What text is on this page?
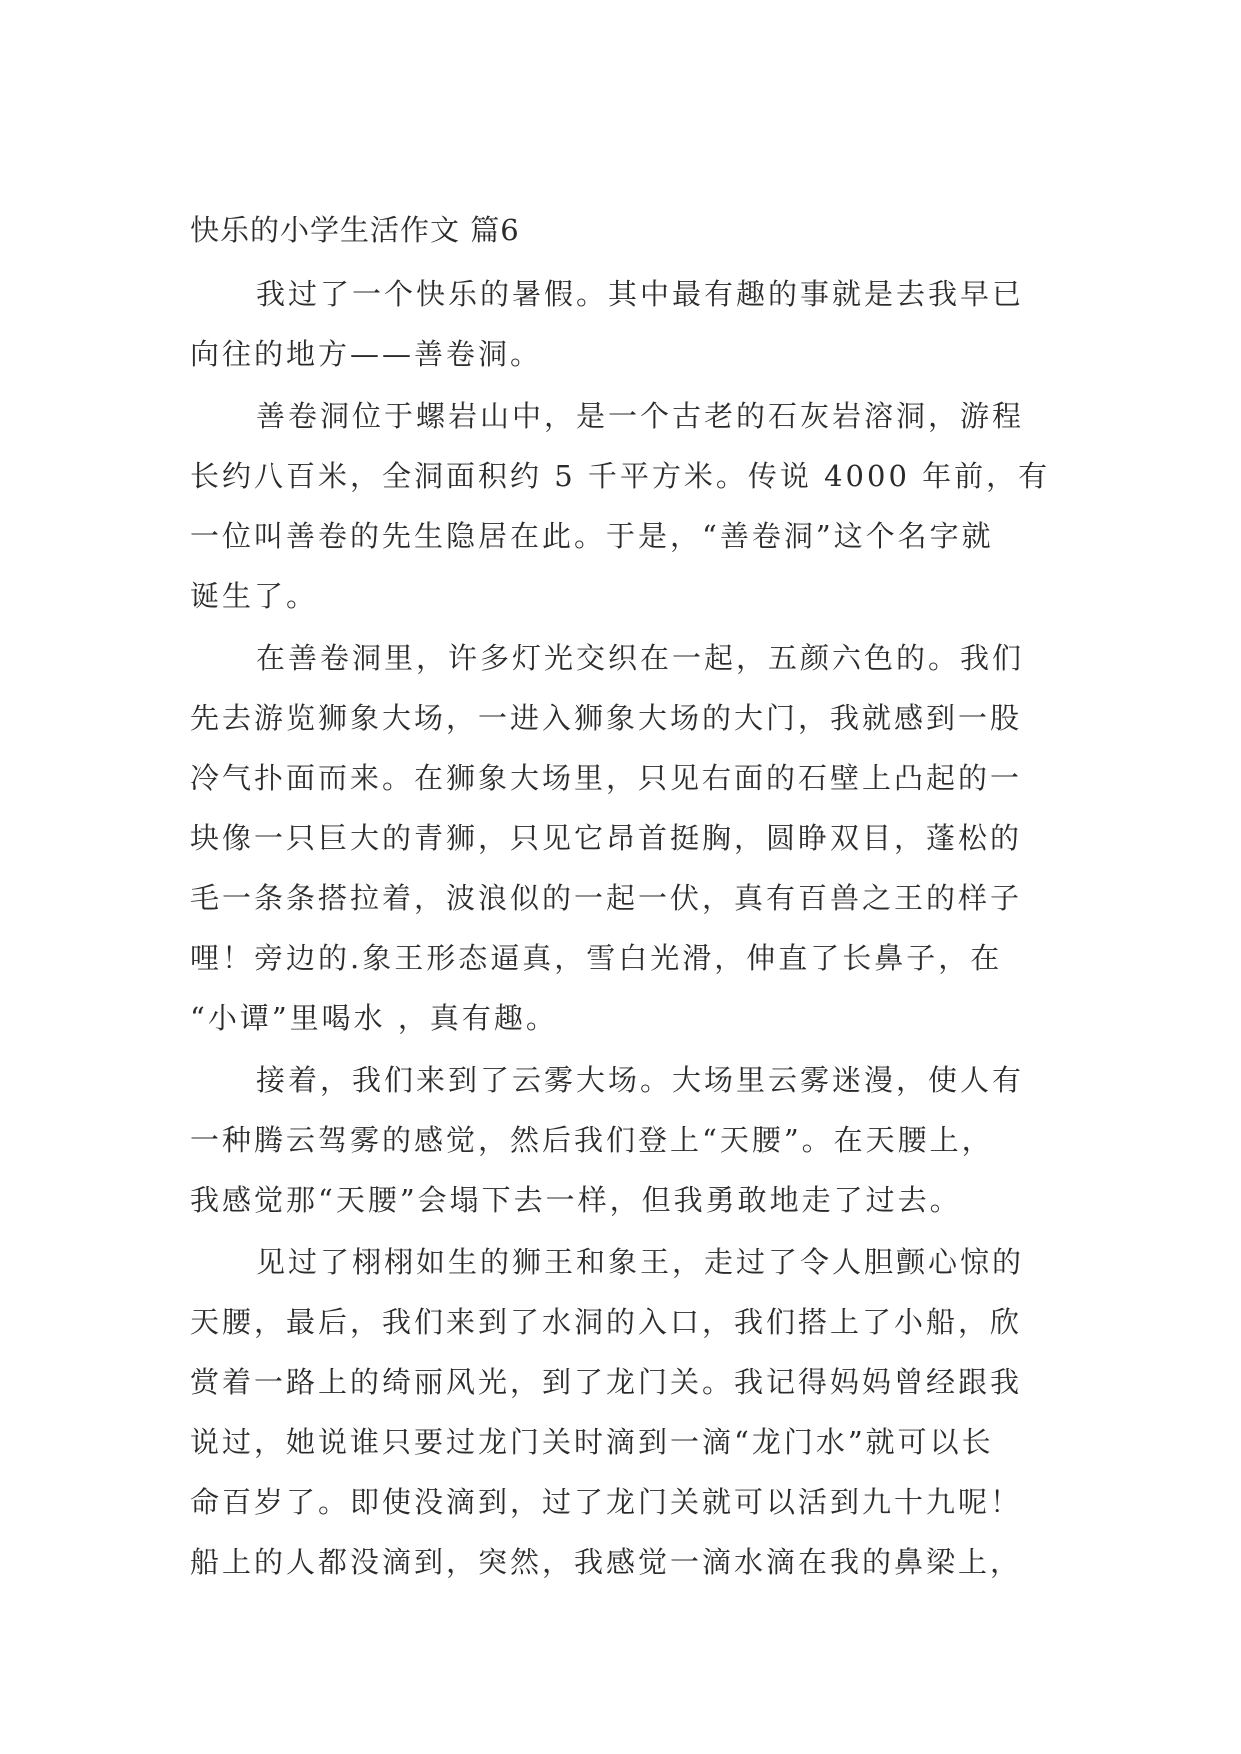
快乐的小学生活作文 篇6
我过了一个快乐的暑假。其中最有趣的事就是去我早已
向往的地方——善卷洞。
善卷洞位于螺岩山中，是一个古老的石灰岩溶洞，游程
长约八百米，全洞面积约 5 千平方米。传说 4000 年前，有
一位叫善卷的先生隐居在此。于是，“善卷洞”这个名字就
诞生了。
在善卷洞里，许多灯光交织在一起，五颜六色的。我们
先去游览狮象大场，一进入狮象大场的大门，我就感到一股
冷气扑面而来。在狮象大场里，只见右面的石壁上凸起的一
块像一只巨大的青狮，只见它昂首挺胸，圆睁双目，蓬松的
毛一条条搭拉着，波浪似的一起一伏，真有百兽之王的样子
哩！旁边的.象王形态逼真，雪白光滑，伸直了长鼻子，在
“小谭”里喝水 ，真有趣。
接着，我们来到了云雾大场。大场里云雾迷漫，使人有
一种腾云驾雾的感觉，然后我们登上“天腰”。在天腰上，
我感觉那“天腰”会塌下去一样，但我勇敢地走了过去。
见过了栩栩如生的狮王和象王，走过了令人胆颤心惊的
天腰，最后，我们来到了水洞的入口，我们搭上了小船，欣
赏着一路上的绮丽风光，到了龙门关。我记得妈妈曾经跟我
说过，她说谁只要过龙门关时滴到一滴“龙门水”就可以长
命百岁了。即使没滴到，过了龙门关就可以活到九十九呢！
船上的人都没滴到，突然，我感觉一滴水滴在我的鼻梁上，
